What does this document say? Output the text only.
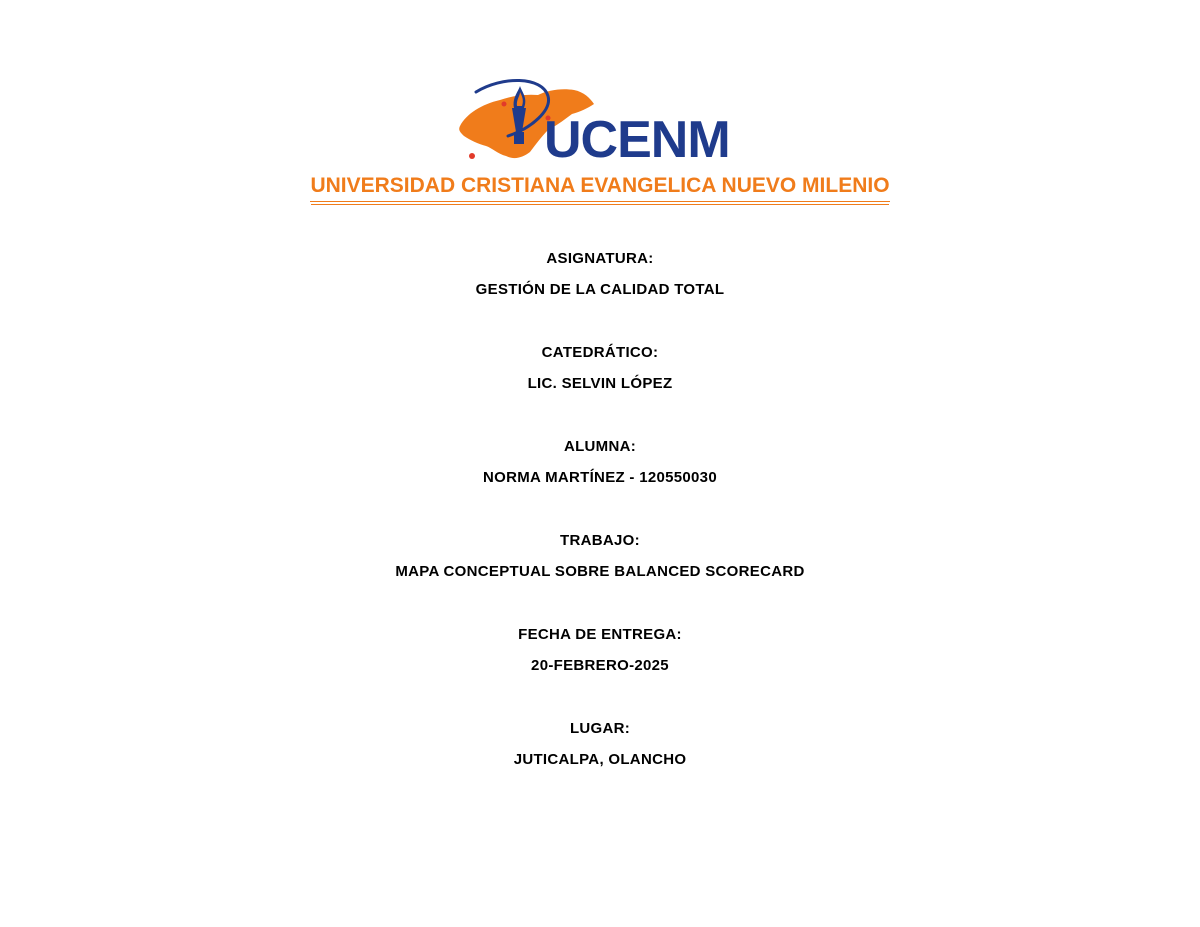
UCENM
UNIVERSIDAD CRISTIANA EVANGELICA NUEVO MILENIO
ASIGNATURA:
GESTIÓN DE LA CALIDAD TOTAL
CATEDRÁTICO:
LIC. SELVIN LÓPEZ
ALUMNA:
NORMA MARTÍNEZ - 120550030
TRABAJO:
MAPA CONCEPTUAL SOBRE BALANCED SCORECARD
FECHA DE ENTREGA:
20-FEBRERO-2025
LUGAR:
JUTICALPA, OLANCHO
